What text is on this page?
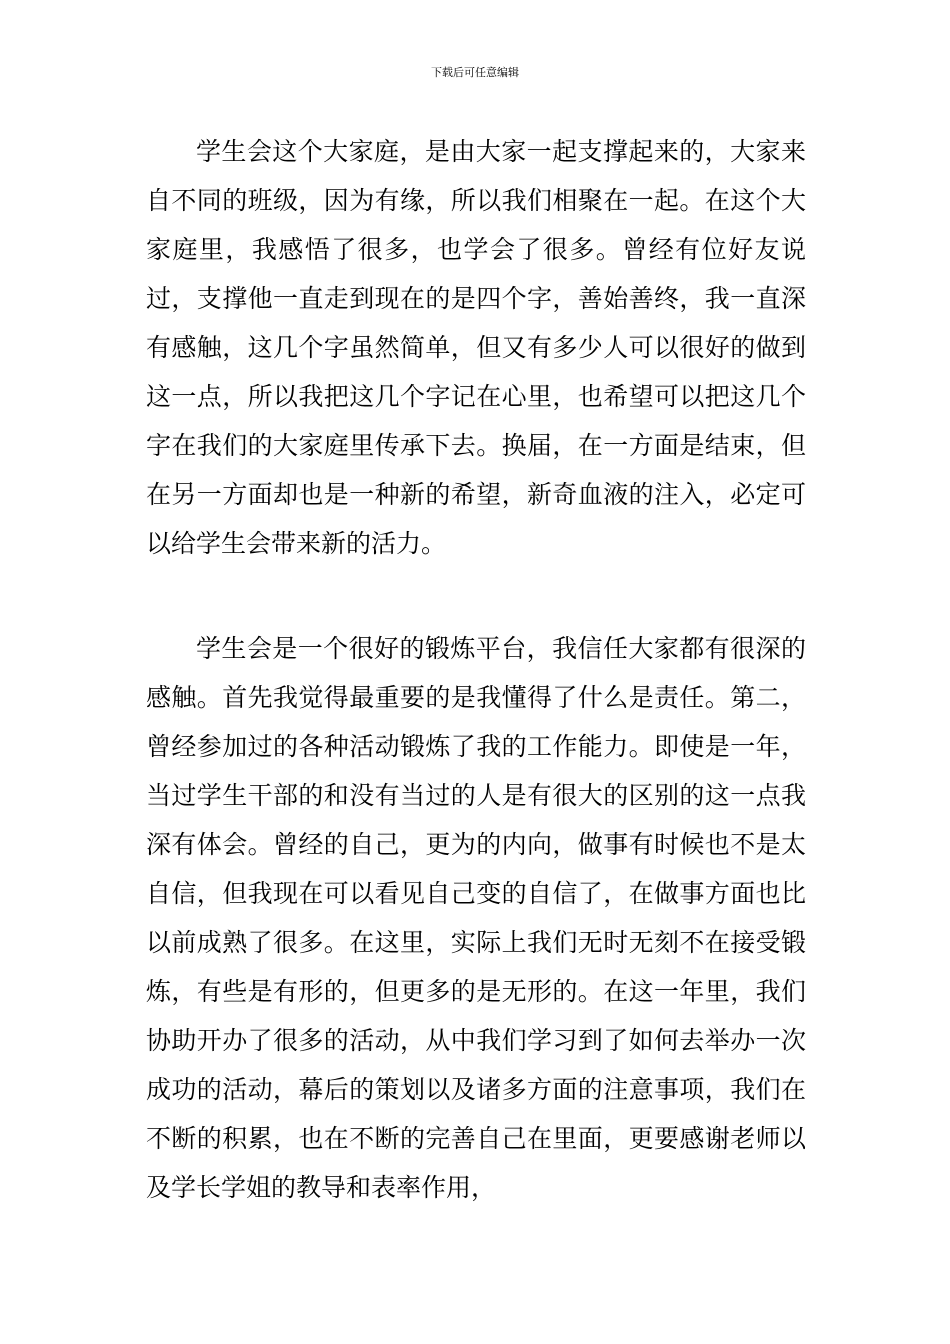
下载后可任意编辑

学生会这个大家庭，是由大家一起支撑起来的，大家来自不同的班级，因为有缘，所以我们相聚在一起。在这个大家庭里，我感悟了很多，也学会了很多。曾经有位好友说过，支撑他一直走到现在的是四个字，善始善终，我一直深有感触，这几个字虽然简单，但又有多少人可以很好的做到这一点，所以我把这几个字记在心里，也希望可以把这几个字在我们的大家庭里传承下去。换届，在一方面是结束，但在另一方面却也是一种新的希望，新奇血液的注入，必定可以给学生会带来新的活力。

学生会是一个很好的锻炼平台，我信任大家都有很深的感触。首先我觉得最重要的是我懂得了什么是责任。第二，曾经参加过的各种活动锻炼了我的工作能力。即使是一年，当过学生干部的和没有当过的人是有很大的区别的这一点我深有体会。曾经的自己，更为的内向，做事有时候也不是太自信，但我现在可以看见自己变的自信了，在做事方面也比以前成熟了很多。在这里，实际上我们无时无刻不在接受锻炼，有些是有形的，但更多的是无形的。在这一年里，我们协助开办了很多的活动，从中我们学习到了如何去举办一次成功的活动，幕后的策划以及诸多方面的注意事项，我们在不断的积累，也在不断的完善自己在里面，更要感谢老师以及学长学姐的教导和表率作用，
